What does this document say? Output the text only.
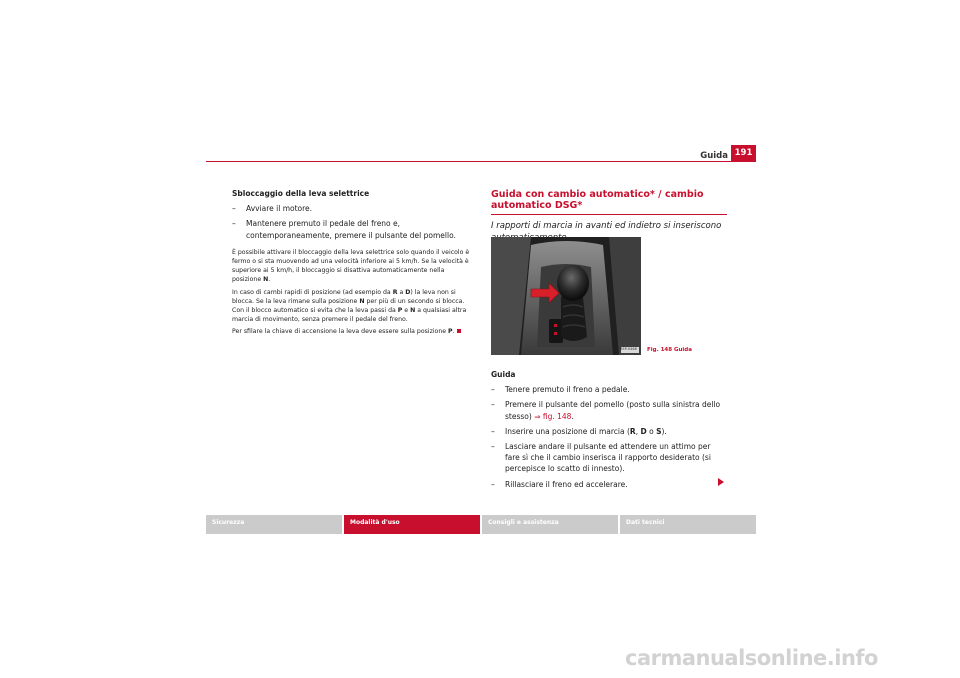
Guida 191

Sbloccaggio della leva selettrice

– Avviare il motore.
– Mantenere premuto il pedale del freno e, contemporaneamente, premere il pulsante del pomello.

È possibile attivare il bloccaggio della leva selettrice solo quando il veicolo è fermo o si sta muovendo ad una velocità inferiore ai 5 km/h. Se la velocità è superiore ai 5 km/h, il bloccaggio si disattiva automaticamente nella posizione N.

In caso di cambi rapidi di posizione (ad esempio da R a D) la leva non si blocca. Se la leva rimane sulla posizione N per più di un secondo si blocca. Con il blocco automatico si evita che la leva passi da P e N a qualsiasi altra marcia di movimento, senza premere il pedale del freno.

Per sfilare la chiave di accensione la leva deve essere sulla posizione P.

Guida con cambio automatico* / cambio automatico DSG*

I rapporti di marcia in avanti ed indietro si inseriscono

B5P-0466 Fig. 148 Guida

Guida

– Tenere premuto il freno a pedale.
– Premere il pulsante del pomello (posto sulla sinistra dello stesso) ⇒ fig. 148.
– Inserire una posizione di marcia (R, D o S).
– Lasciare andare il pulsante ed attendere un attimo per fare sì che il cambio inserisca il rapporto desiderato (si percepisce lo scatto di innesto).
– Rillasciare il freno ed accelerare.
Sicurezza	Modalità d'uso	Consigli e assistenza	Dati tecnici
carmanualsonline.info
